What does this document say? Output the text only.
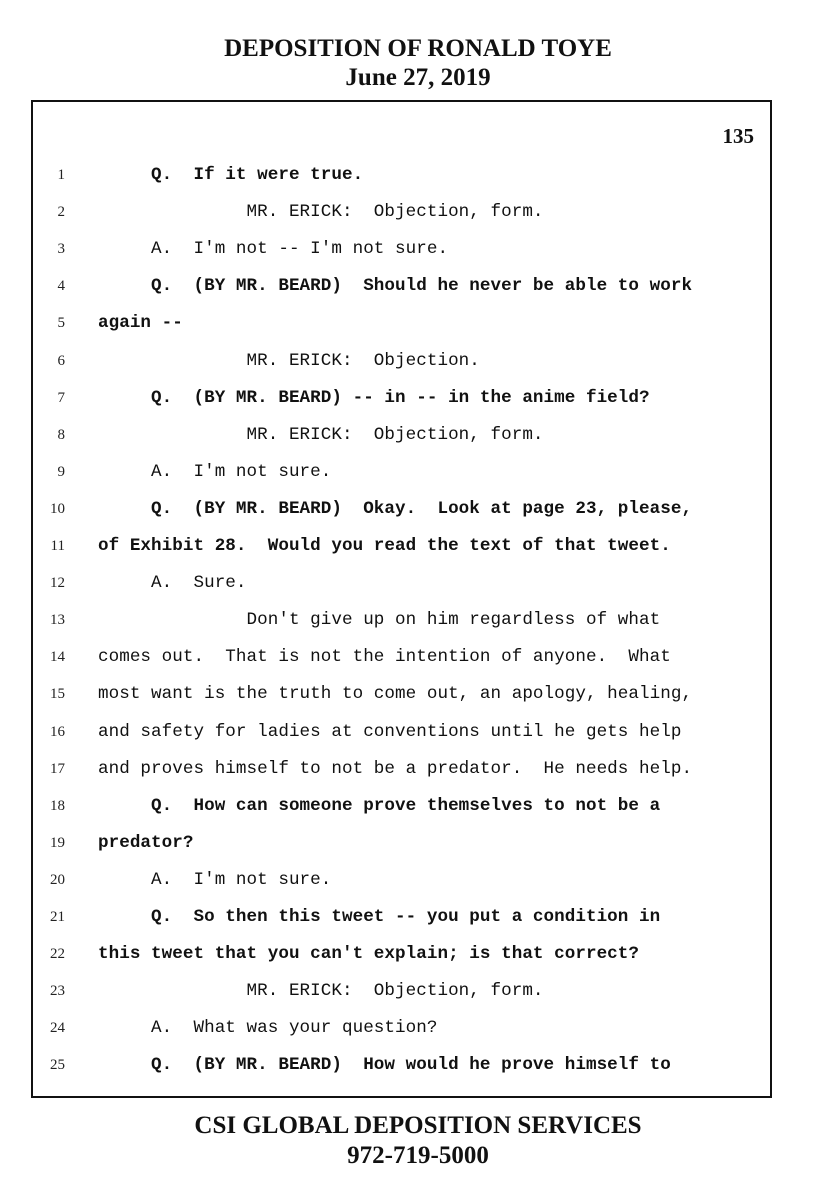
DEPOSITION OF RONALD TOYE
June 27, 2019
135
1 Q.  If it were true.
2 MR. ERICK:  Objection, form.
3 A.  I'm not -- I'm not sure.
4 Q.  (BY MR. BEARD)  Should he never be able to work
5 again --
6 MR. ERICK:  Objection.
7 Q.  (BY MR. BEARD) -- in -- in the anime field?
8 MR. ERICK:  Objection, form.
9 A.  I'm not sure.
10 Q.  (BY MR. BEARD)  Okay.  Look at page 23, please,
11 of Exhibit 28.  Would you read the text of that tweet.
12 A.  Sure.
13 Don't give up on him regardless of what
14 comes out.  That is not the intention of anyone.  What
15 most want is the truth to come out, an apology, healing,
16 and safety for ladies at conventions until he gets help
17 and proves himself to not be a predator.  He needs help.
18 Q.  How can someone prove themselves to not be a
19 predator?
20 A.  I'm not sure.
21 Q.  So then this tweet -- you put a condition in
22 this tweet that you can't explain; is that correct?
23 MR. ERICK:  Objection, form.
24 A.  What was your question?
25 Q.  (BY MR. BEARD)  How would he prove himself to
CSI GLOBAL DEPOSITION SERVICES
972-719-5000
